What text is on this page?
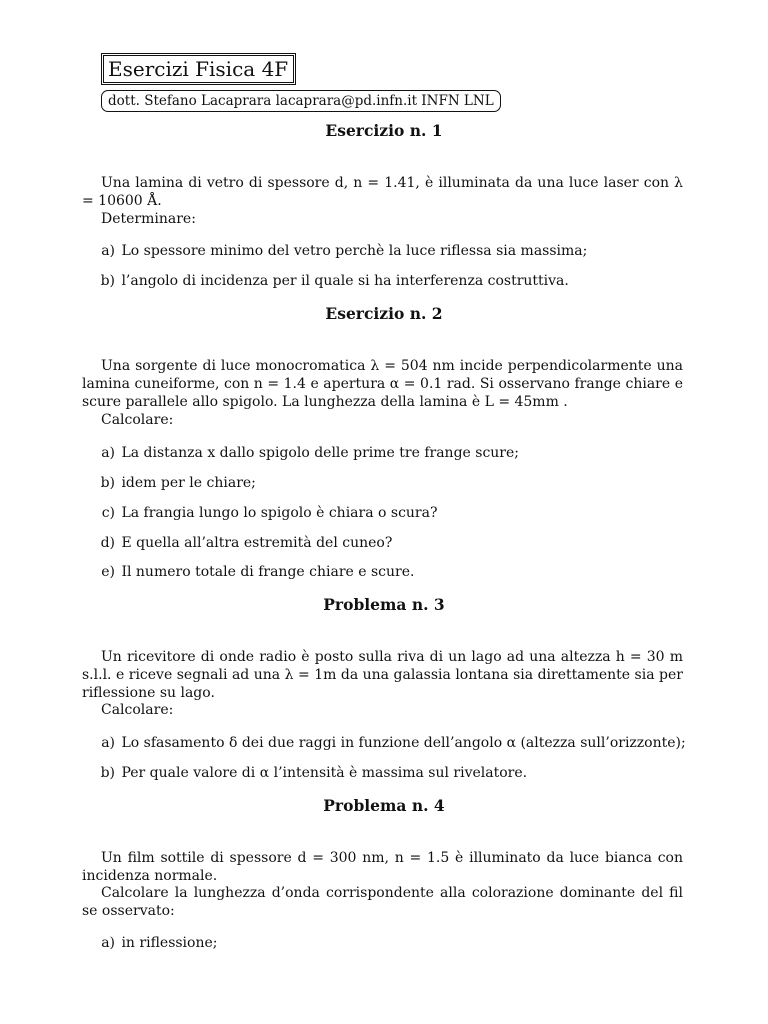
Esercizi Fisica 4F
dott. Stefano Lacaprara lacaprara@pd.infn.it INFN LNL
Esercizio n. 1
Una lamina di vetro di spessore d, n = 1.41, è illuminata da una luce laser con λ = 10600 Å.
Determinare:
a) Lo spessore minimo del vetro perchè la luce riflessa sia massima;
b) l’angolo di incidenza per il quale si ha interferenza costruttiva.
Esercizio n. 2
Una sorgente di luce monocromatica λ = 504 nm incide perpendicolarmente una lamina cuneiforme, con n = 1.4 e apertura α = 0.1 rad. Si osservano frange chiare e scure parallele allo spigolo. La lunghezza della lamina è L = 45mm .
Calcolare:
a) La distanza x dallo spigolo delle prime tre frange scure;
b) idem per le chiare;
c) La frangia lungo lo spigolo è chiara o scura?
d) E quella all’altra estremità del cuneo?
e) Il numero totale di frange chiare e scure.
Problema n. 3
Un ricevitore di onde radio è posto sulla riva di un lago ad una altezza h = 30 m s.l.l. e riceve segnali ad una λ = 1m da una galassia lontana sia direttamente sia per riflessione su lago.
Calcolare:
a) Lo sfasamento δ dei due raggi in funzione dell’angolo α (altezza sull’orizzonte);
b) Per quale valore di α l’intensità è massima sul rivelatore.
Problema n. 4
Un film sottile di spessore d = 300 nm, n = 1.5 è illuminato da luce bianca con incidenza normale.
Calcolare la lunghezza d’onda corrispondente alla colorazione dominante del fil se osservato:
a) in riflessione;
